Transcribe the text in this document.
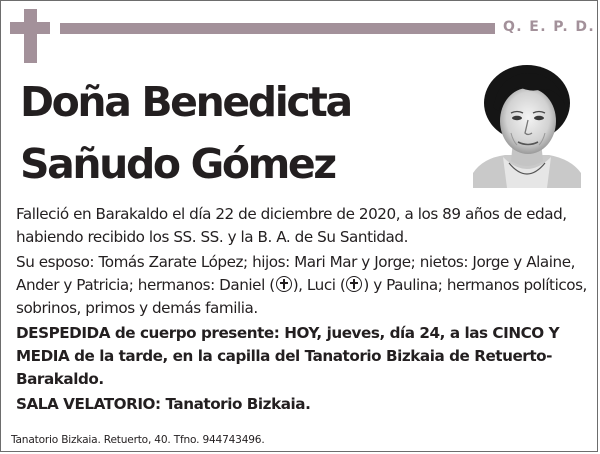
Q. E. P. D.
Doña Benedicta
Sañudo Gómez

Falleció en Barakaldo el día 22 de diciembre de 2020, a los 89 años de edad, habiendo recibido los SS. SS. y la B. A. de Su Santidad.

Su esposo: Tomás Zarate López; hijos: Mari Mar y Jorge; nietos: Jorge y Alaine, Ander y Patricia; hermanos: Daniel ( ), Luci ( ) y Paulina; hermanos políticos, sobrinos, primos y demás familia.

DESPEDIDA de cuerpo presente: HOY, jueves, día 24, a las CINCO Y MEDIA de la tarde, en la capilla del Tanatorio Bizkaia de Retuerto-Barakaldo.

SALA VELATORIO: Tanatorio Bizkaia.

Tanatorio Bizkaia. Retuerto, 40. Tfno. 944743496.
